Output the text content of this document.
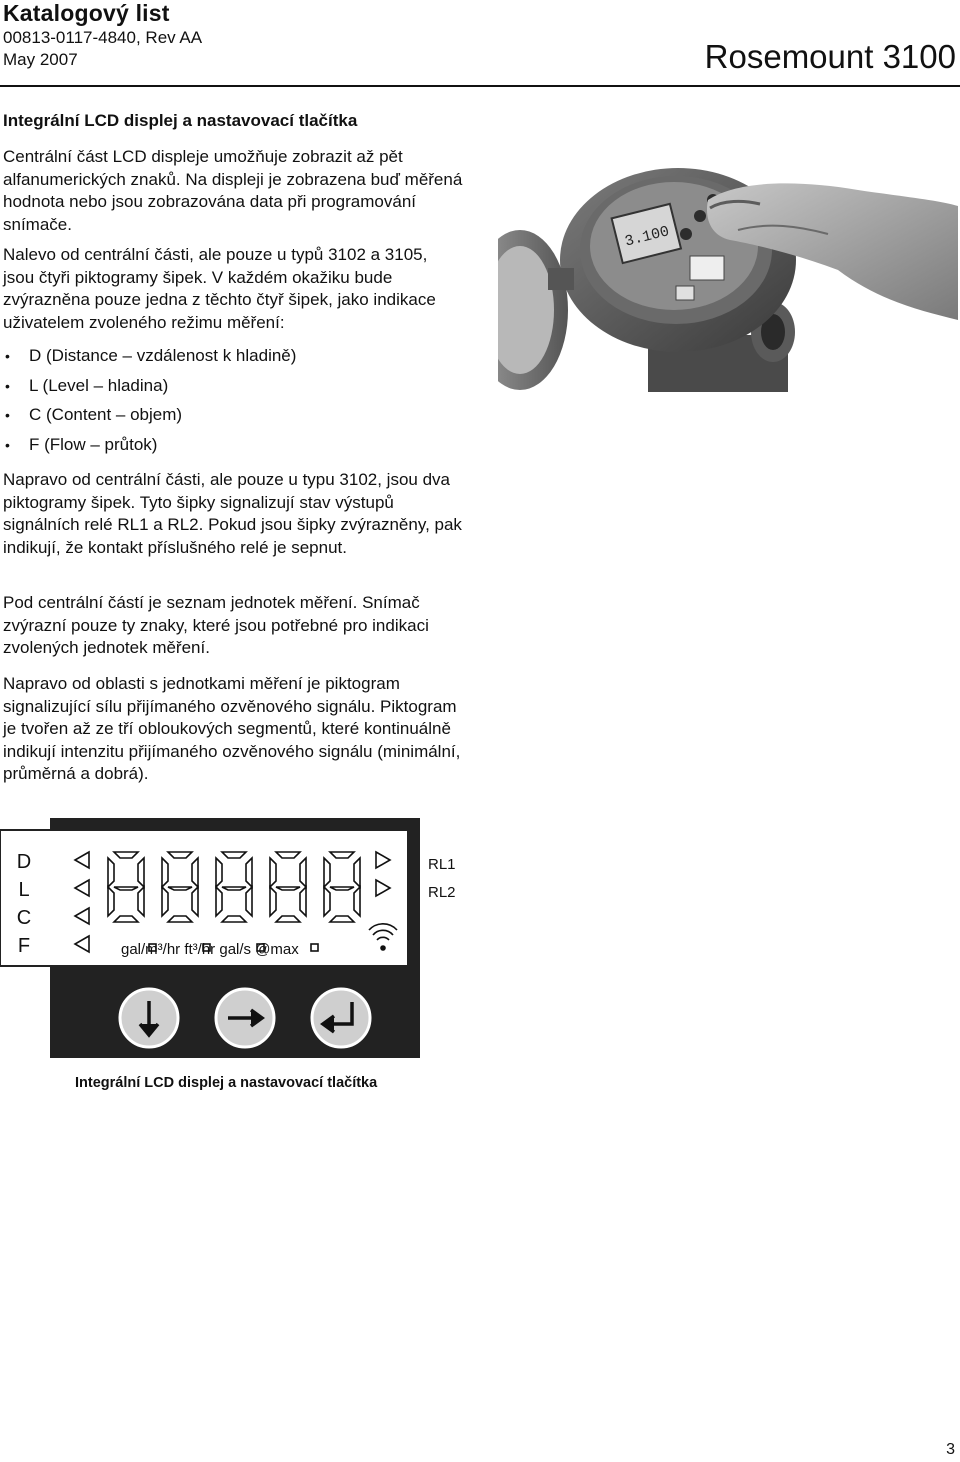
Katalogový list
00813-0117-4840, Rev AA
May 2007	Rosemount 3100
Integrální LCD displej a nastavovací tlačítka

Centrální část LCD displeje umožňuje zobrazit až pět alfanumerických znaků. Na displeji je zobrazena buď měřená hodnota nebo jsou zobrazována data při programování snímače.

Nalevo od centrální části, ale pouze u typů 3102 a 3105, jsou čtyři piktogramy šipek. V každém okažiku bude zvýrazněna pouze jedna z těchto čtyř šipek, jako indikace uživatelem zvoleného režimu měření:

• D (Distance – vzdálenost k hladině)
• L (Level – hladina)
• C (Content – objem)
• F (Flow – průtok)

Napravo od centrální části, ale pouze u typu 3102, jsou dva piktogramy šipek. Tyto šipky signalizují stav výstupů signálních relé RL1 a RL2. Pokud jsou šipky zvýrazněny, pak indikují, že kontakt příslušného relé je sepnut.

Pod centrální částí je seznam jednotek měření. Snímač zvýrazní pouze ty znaky, které jsou potřebné pro indikaci zvolených jednotek měření.

Napravo od oblasti s jednotkami měření je piktogram signalizující sílu přijímaného ozvěnového signálu. Piktogram je tvořen až ze tří obloukových segmentů, které kontinuálně indikují intenzitu přijímaného ozvěnového signálu (minimální, průměrná a dobrá).

3.100
D
L
C
F
RL1
RL2
gal/m³/hr ft³/hr gal/s @max
Integrální LCD displej a nastavovací tlačítka
3
